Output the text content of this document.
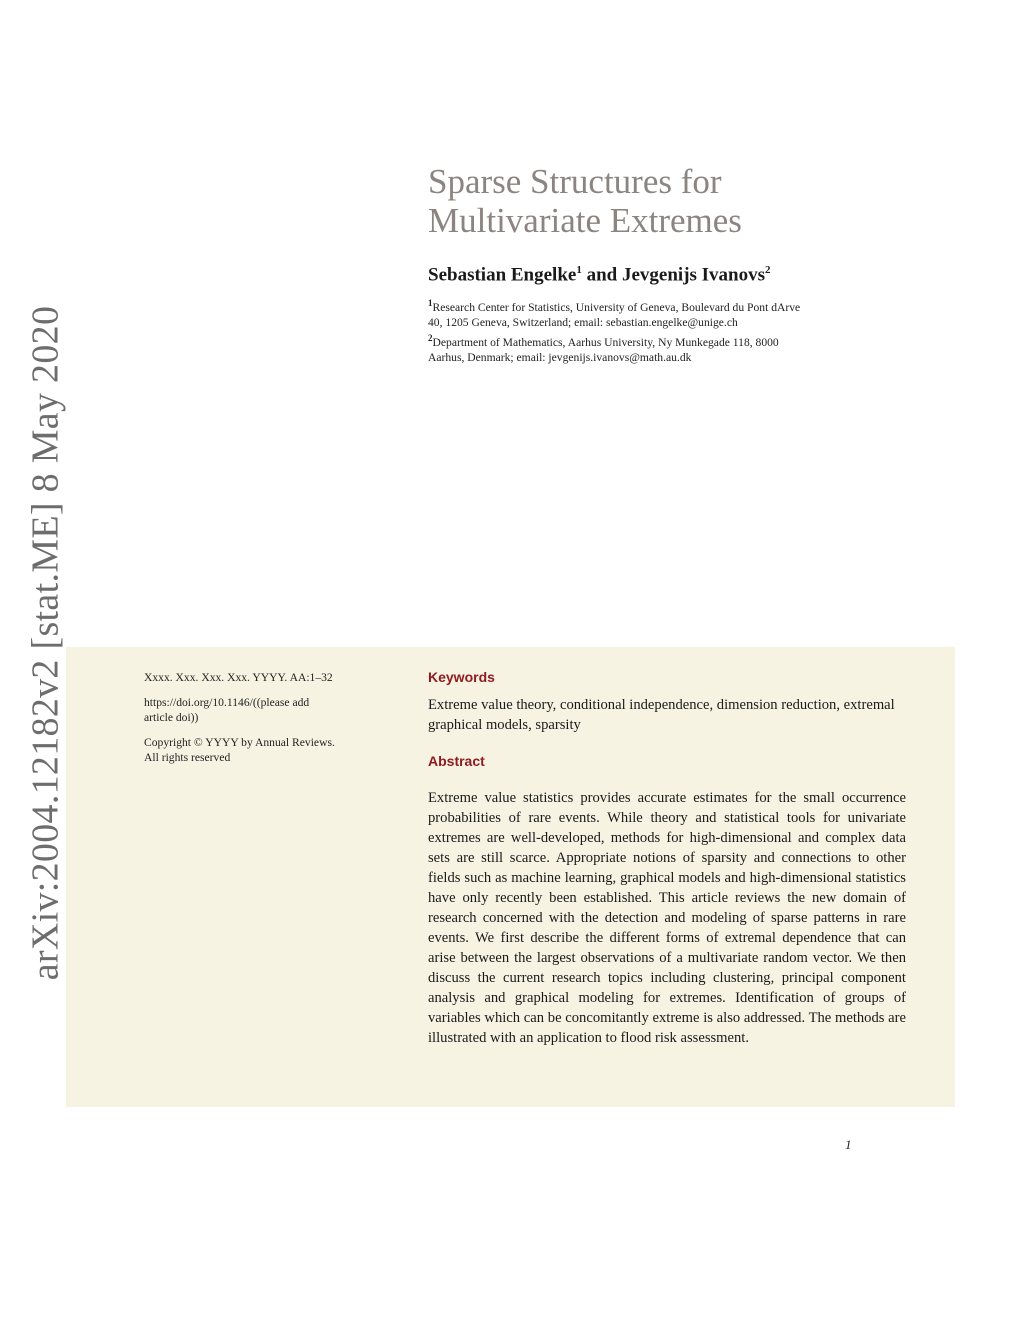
arXiv:2004.12182v2 [stat.ME] 8 May 2020
Sparse Structures for
Multivariate Extremes
Sebastian Engelke$^1$ and Jevgenijs Ivanovs$^2$
$^1$Research Center for Statistics, University of Geneva, Boulevard du Pont dArve
40, 1205 Geneva, Switzerland; email: sebastian.engelke@unige.ch
$^2$Department of Mathematics, Aarhus University, Ny Munkegade 118, 8000
Aarhus, Denmark; email: jevgenijs.ivanovs@math.au.dk

Xxxx. Xxx. Xxx. Xxx. YYYY. AA:1–32

https://doi.org/10.1146/((please add
article doi))

Copyright © YYYY by Annual Reviews.
All rights reserved

Keywords
Extreme value theory, conditional independence, dimension reduction, extremal graphical models, sparsity
Abstract
Extreme value statistics provides accurate estimates for the small occurrence probabilities of rare events. While theory and statistical tools for univariate extremes are well-developed, methods for high-dimensional and complex data sets are still scarce. Appropriate notions of sparsity and connections to other fields such as machine learning, graphical models and high-dimensional statistics have only recently been established. This article reviews the new domain of research concerned with the detection and modeling of sparse patterns in rare events. We first describe the different forms of extremal dependence that can arise between the largest observations of a multivariate random vector. We then discuss the current research topics including clustering, principal component analysis and graphical modeling for extremes. Identification of groups of variables which can be concomitantly extreme is also addressed. The methods are illustrated with an application to flood risk assessment.
1
